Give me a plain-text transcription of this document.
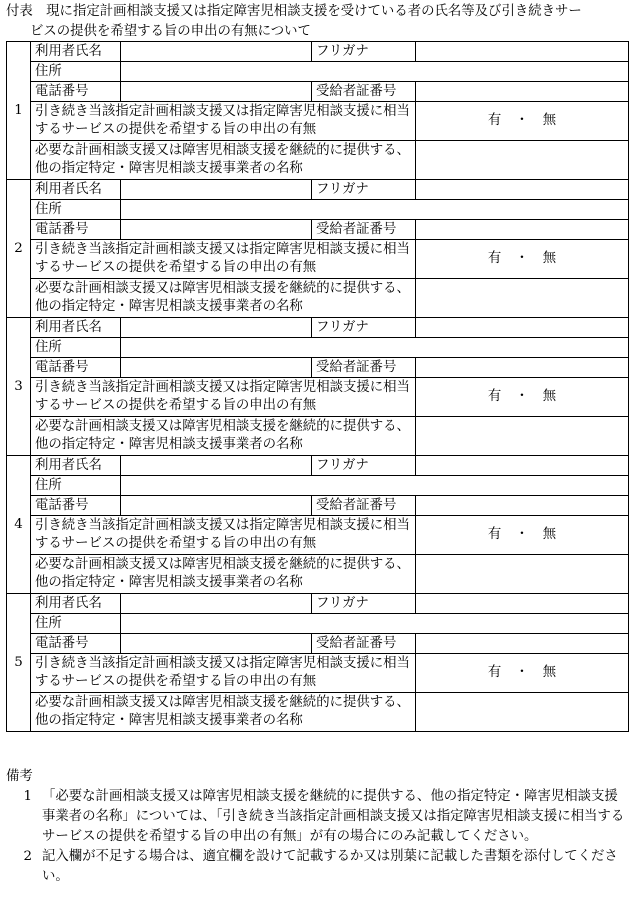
付表　現に指定計画相談支援又は指定障害児相談支援を受けている者の氏名等及び引き続きサー
ビスの提供を希望する旨の申出の有無について
1	利用者氏名		フリガナ	
	住所			
	電話番号		受給者証番号	
	引き続き当該指定計画相談支援又は指定障害児相談支援に相当するサービスの提供を希望する旨の申出の有無			有 ・ 無
	必要な計画相談支援又は障害児相談支援を継続的に提供する、他の指定特定・障害児相談支援事業者の名称			
2	利用者氏名		フリガナ	
	住所			
	電話番号		受給者証番号	
	引き続き当該指定計画相談支援又は指定障害児相談支援に相当するサービスの提供を希望する旨の申出の有無			有 ・ 無
	必要な計画相談支援又は障害児相談支援を継続的に提供する、他の指定特定・障害児相談支援事業者の名称			
3	利用者氏名		フリガナ	
	住所			
	電話番号		受給者証番号	
	引き続き当該指定計画相談支援又は指定障害児相談支援に相当するサービスの提供を希望する旨の申出の有無			有 ・ 無
	必要な計画相談支援又は障害児相談支援を継続的に提供する、他の指定特定・障害児相談支援事業者の名称			
4	利用者氏名		フリガナ	
	住所			
	電話番号		受給者証番号	
	引き続き当該指定計画相談支援又は指定障害児相談支援に相当するサービスの提供を希望する旨の申出の有無			有 ・ 無
	必要な計画相談支援又は障害児相談支援を継続的に提供する、他の指定特定・障害児相談支援事業者の名称			
5	利用者氏名		フリガナ	
	住所			
	電話番号		受給者証番号	
	引き続き当該指定計画相談支援又は指定障害児相談支援に相当するサービスの提供を希望する旨の申出の有無			有 ・ 無
	必要な計画相談支援又は障害児相談支援を継続的に提供する、他の指定特定・障害児相談支援事業者の名称			
備考
1 「必要な計画相談支援又は障害児相談支援を継続的に提供する、他の指定特定・障害児相談支援事業者の名称」については、「引き続き当該指定計画相談支援又は指定障害児相談支援に相当するサービスの提供を希望する旨の申出の有無」が有の場合にのみ記載してください。
2 記入欄が不足する場合は、適宜欄を設けて記載するか又は別葉に記載した書類を添付してください。
